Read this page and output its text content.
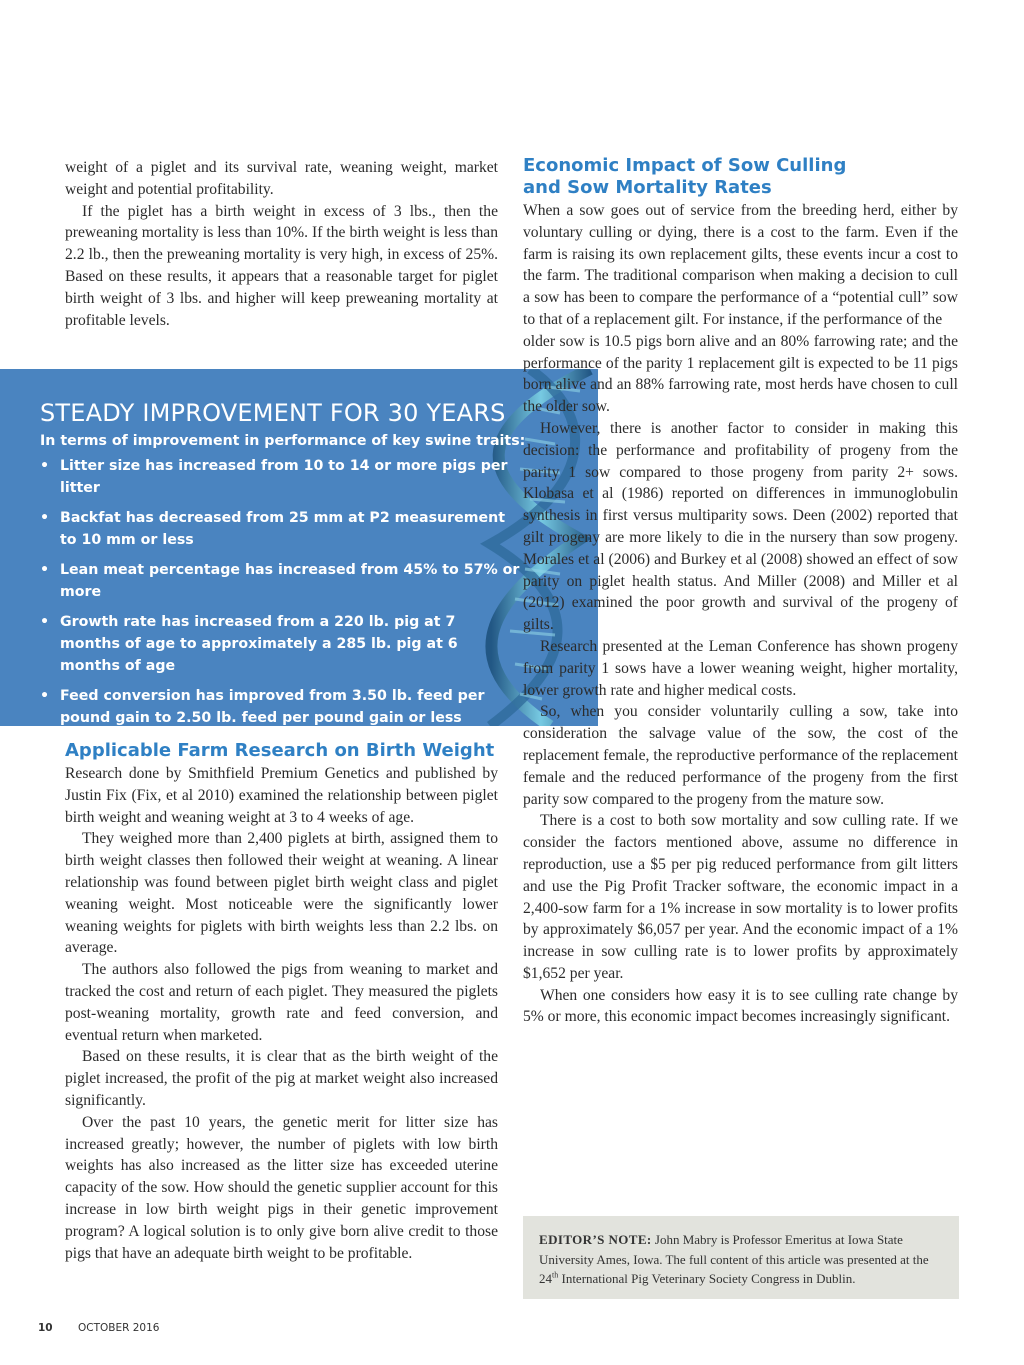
weight of a piglet and its survival rate, weaning weight, market weight and potential profitability.

If the piglet has a birth weight in excess of 3 lbs., then the preweaning mortality is less than 10%. If the birth weight is less than 2.2 lb., then the preweaning mortality is very high, in excess of 25%. Based on these results, it appears that a reasonable target for piglet birth weight of 3 lbs. and higher will keep preweaning mortality at profitable levels.

STEADY IMPROVEMENT FOR 30 YEARS
In terms of improvement in performance of key swine traits:
• Litter size has increased from 10 to 14 or more pigs per litter
• Backfat has decreased from 25 mm at P2 measurement to 10 mm or less
• Lean meat percentage has increased from 45% to 57% or more
• Growth rate has increased from a 220 lb. pig at 7 months of age to approximately a 285 lb. pig at 6 months of age
• Feed conversion has improved from 3.50 lb. feed per pound gain to 2.50 lb. feed per pound gain or less
Applicable Farm Research on Birth Weight

Research done by Smithfield Premium Genetics and published by Justin Fix (Fix, et al 2010) examined the relationship between piglet birth weight and weaning weight at 3 to 4 weeks of age.

They weighed more than 2,400 piglets at birth, assigned them to birth weight classes then followed their weight at weaning. A linear relationship was found between piglet birth weight class and piglet weaning weight. Most noticeable were the significantly lower weaning weights for piglets with birth weights less than 2.2 lbs. on average.

The authors also followed the pigs from weaning to market and tracked the cost and return of each piglet. They measured the piglets post-weaning mortality, growth rate and feed conversion, and eventual return when marketed.

Based on these results, it is clear that as the birth weight of the piglet increased, the profit of the pig at market weight also increased significantly.

Over the past 10 years, the genetic merit for litter size has increased greatly; however, the number of piglets with low birth weights has also increased as the litter size has exceeded uterine capacity of the sow. How should the genetic supplier account for this increase in low birth weight pigs in their genetic improvement program? A logical solution is to only give born alive credit to those pigs that have an adequate birth weight to be profitable.

Economic Impact of Sow Culling
and Sow Mortality Rates

When a sow goes out of service from the breeding herd, either by voluntary culling or dying, there is a cost to the farm. Even if the farm is raising its own replacement gilts, these events incur a cost to the farm. The traditional comparison when making a decision to cull a sow has been to compare the performance of a “potential cull” sow to that of a replacement gilt. For instance, if the performance of the

older sow is 10.5 pigs born alive and an 80% farrowing rate; and the performance of the parity 1 replacement gilt is expected to be 11 pigs born alive and an 88% farrowing rate, most herds have chosen to cull the older sow.

However, there is another factor to consider in making this decision: the performance and profitability of progeny from the parity 1 sow compared to those progeny from parity 2+ sows. Klobasa et al (1986) reported on differences in immunoglobulin synthesis in first versus multiparity sows. Deen (2002) reported that gilt progeny are more likely to die in the nursery than sow progeny. Morales et al (2006) and Burkey et al (2008) showed an effect of sow parity on piglet health status. And Miller (2008) and Miller et al (2012) examined the poor growth and survival of the progeny of gilts.

Research presented at the Leman Conference has shown progeny from parity 1 sows have a lower weaning weight, higher mortality, lower growth rate and higher medical costs.

So, when you consider voluntarily culling a sow, take into consideration the salvage value of the sow, the cost of the replacement female, the reproductive performance of the replacement female and the reduced performance of the progeny from the first parity sow compared to the progeny from the mature sow.

There is a cost to both sow mortality and sow culling rate. If we consider the factors mentioned above, assume no difference in reproduction, use a $5 per pig reduced performance from gilt litters and use the Pig Profit Tracker software, the economic impact in a 2,400-sow farm for a 1% increase in sow mortality is to lower profits by approximately $6,057 per year. And the economic impact of a 1% increase in sow culling rate is to lower profits by approximately $1,652 per year.

When one considers how easy it is to see culling rate change by 5% or more, this economic impact becomes increasingly significant.

EDITOR’S NOTE: John Mabry is Professor Emeritus at Iowa State University Ames, Iowa. The full content of this article was presented at the 24th International Pig Veterinary Society Congress in Dublin.
10 OCTOBER 2016
